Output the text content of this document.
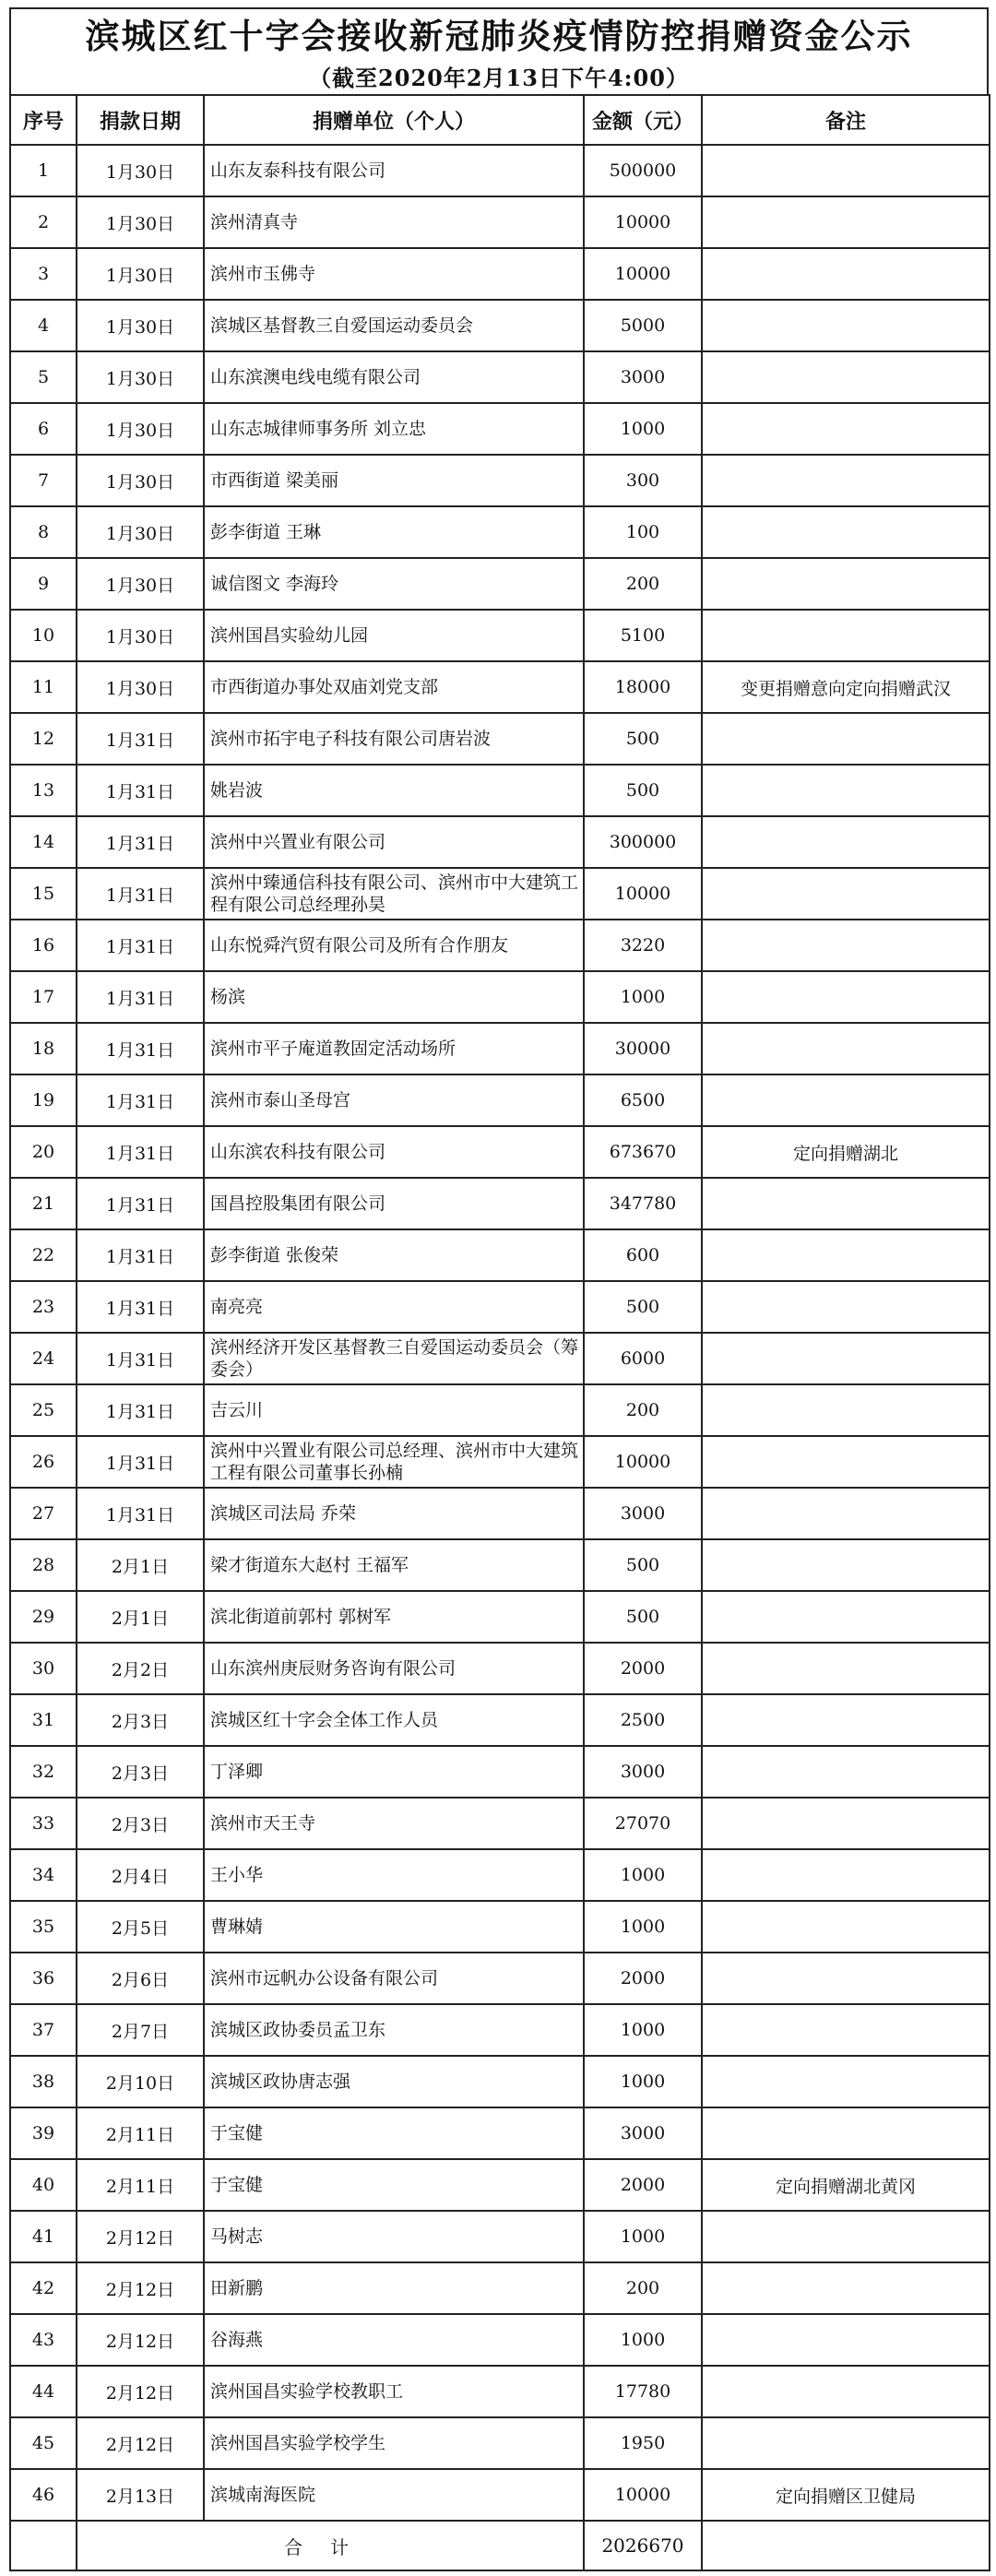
滨城区红十字会接收新冠肺炎疫情防控捐赠资金公示
（截至2020年2月13日下午4:00）
序号	捐款日期	捐赠单位（个人）	金额（元）	备注
1	1月30日	山东友泰科技有限公司	500000	
2	1月30日	滨州清真寺	10000	
3	1月30日	滨州市玉佛寺	10000	
4	1月30日	滨城区基督教三自爱国运动委员会	5000	
5	1月30日	山东滨澳电线电缆有限公司	3000	
6	1月30日	山东志城律师事务所 刘立忠	1000	
7	1月30日	市西街道 梁美丽	300	
8	1月30日	彭李街道 王琳	100	
9	1月30日	诚信图文 李海玲	200	
10	1月30日	滨州国昌实验幼儿园	5100	
11	1月30日	市西街道办事处双庙刘党支部	18000	变更捐赠意向定向捐赠武汉
12	1月31日	滨州市拓宇电子科技有限公司唐岩波	500	
13	1月31日	姚岩波	500	
14	1月31日	滨州中兴置业有限公司	300000	
15	1月31日	滨州中臻通信科技有限公司、滨州市中大建筑工程有限公司总经理孙昊	10000	
16	1月31日	山东悦舜汽贸有限公司及所有合作朋友	3220	
17	1月31日	杨滨	1000	
18	1月31日	滨州市平子庵道教固定活动场所	30000	
19	1月31日	滨州市泰山圣母宫	6500	
20	1月31日	山东滨农科技有限公司	673670	定向捐赠湖北
21	1月31日	国昌控股集团有限公司	347780	
22	1月31日	彭李街道 张俊荣	600	
23	1月31日	南亮亮	500	
24	1月31日	滨州经济开发区基督教三自爱国运动委员会（筹委会）	6000	
25	1月31日	吉云川	200	
26	1月31日	滨州中兴置业有限公司总经理、滨州市中大建筑工程有限公司董事长孙楠	10000	
27	1月31日	滨城区司法局 乔荣	3000	
28	2月1日	梁才街道东大赵村 王福军	500	
29	2月1日	滨北街道前郭村 郭树军	500	
30	2月2日	山东滨州庚辰财务咨询有限公司	2000	
31	2月3日	滨城区红十字会全体工作人员	2500	
32	2月3日	丁泽卿	3000	
33	2月3日	滨州市天王寺	27070	
34	2月4日	王小华	1000	
35	2月5日	曹琳婧	1000	
36	2月6日	滨州市远帆办公设备有限公司	2000	
37	2月7日	滨城区政协委员孟卫东	1000	
38	2月10日	滨城区政协唐志强	1000	
39	2月11日	于宝健	3000	
40	2月11日	于宝健	2000	定向捐赠湖北黄冈
41	2月12日	马树志	1000	
42	2月12日	田新鹏	200	
43	2月12日	谷海燕	1000	
44	2月12日	滨州国昌实验学校教职工	17780	
45	2月12日	滨州国昌实验学校学生	1950	
46	2月13日	滨城南海医院	10000	定向捐赠区卫健局
	合计		2026670	
